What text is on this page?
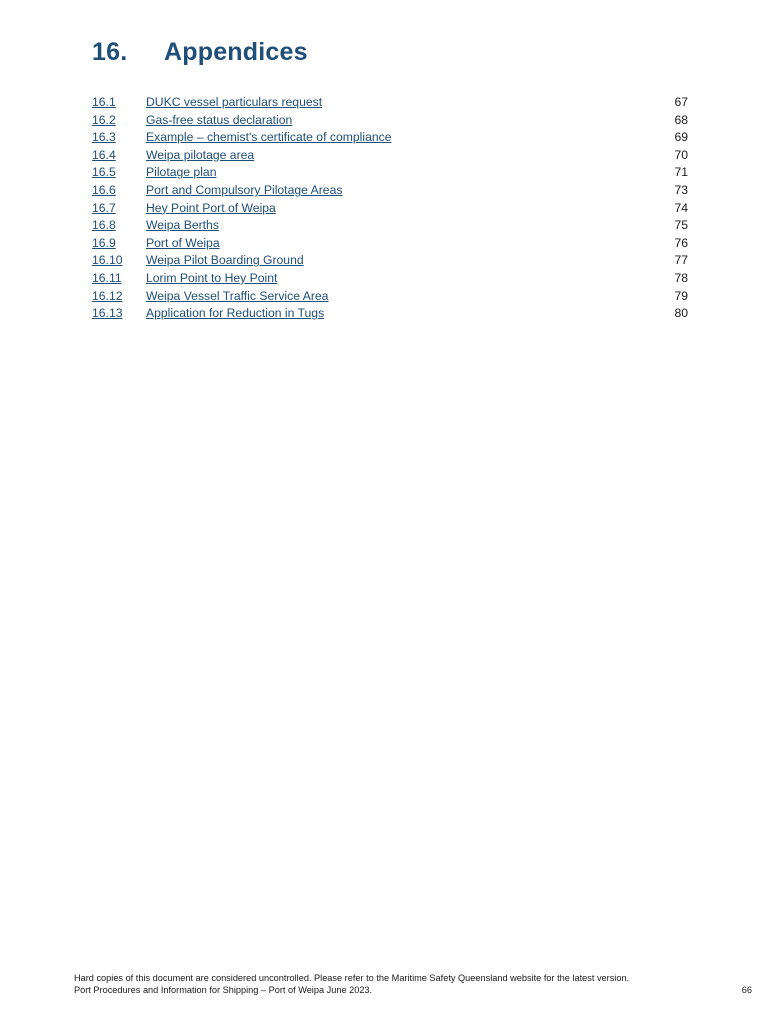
16. Appendices
16.1 DUKC vessel particulars request	67
16.2 Gas-free status declaration	68
16.3 Example – chemist's certificate of compliance	69
16.4 Weipa pilotage area	70
16.5 Pilotage plan	71
16.6 Port and Compulsory Pilotage Areas	73
16.7 Hey Point Port of Weipa	74
16.8 Weipa Berths	75
16.9 Port of Weipa	76
16.10 Weipa Pilot Boarding Ground	77
16.11 Lorim Point to Hey Point	78
16.12 Weipa Vessel Traffic Service Area	79
16.13 Application for Reduction in Tugs	80
Hard copies of this document are considered uncontrolled. Please refer to the Maritime Safety Queensland website for the latest version.
Port Procedures and Information for Shipping – Port of Weipa June 2023.	66
